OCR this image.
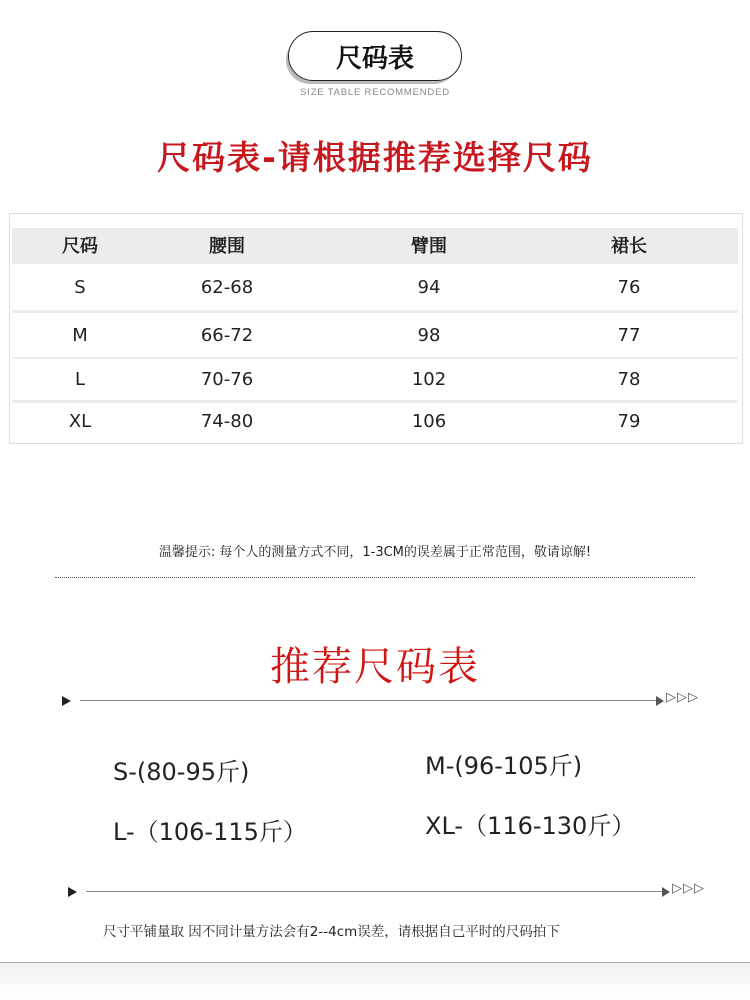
尺码表
SIZE TABLE RECOMMENDED
尺码表-请根据推荐选择尺码
尺码	腰围	臂围	裙长
S	62-68	94	76
M	66-72	98	77
L	70-76	102	78
XL	74-80	106	79
温馨提示: 每个人的测量方式不同，1-3CM的误差属于正常范围，敬请谅解!
推荐尺码表
▷▷▷
S-(80-95斤)	M-(96-105斤)
L-（106-115斤）	XL-（116-130斤）
▷▷▷
尺寸平铺量取 因不同计量方法会有2--4cm误差，请根据自己平时的尺码拍下
